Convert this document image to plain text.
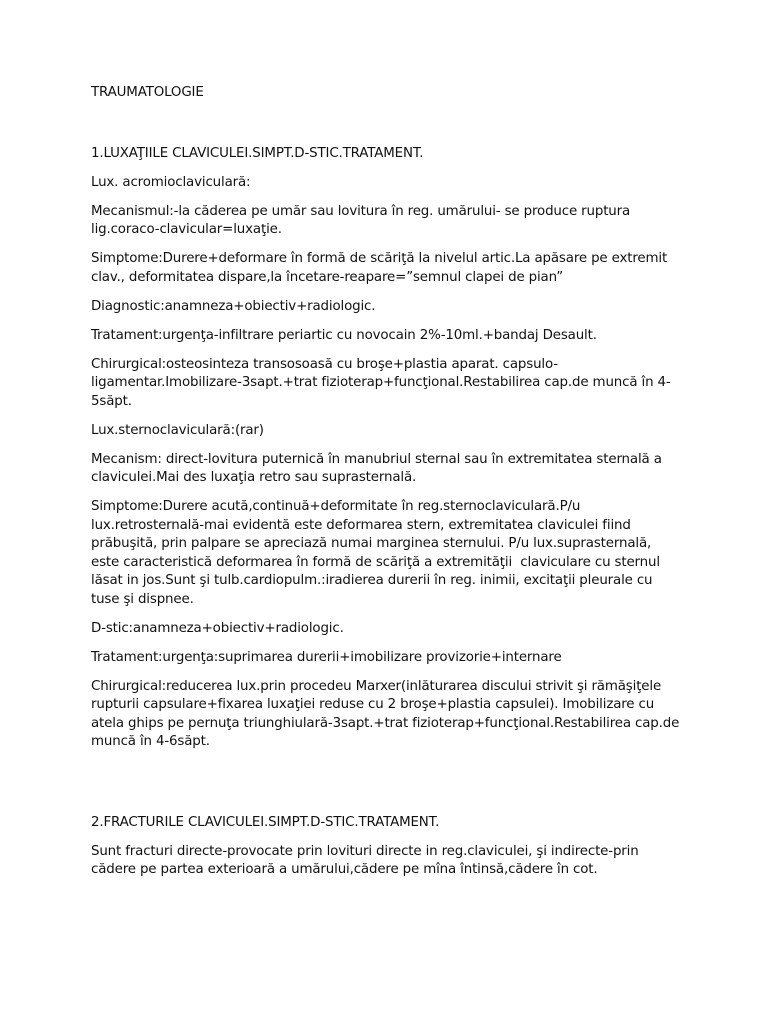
TRAUMATOLOGIE

1.LUXAŢIILE CLAVICULEI.SIMPT.D-STIC.TRATAMENT.

Lux. acromioclaviculară:

Mecanismul:-la căderea pe umăr sau lovitura în reg. umărului- se produce ruptura lig.coraco-clavicular=luxaţie.

Simptome:Durere+deformare în formă de scăriţă la nivelul artic.La apăsare pe extremit clav., deformitatea dispare,la încetare-reapare=”semnul clapei de pian”

Diagnostic:anamneza+obiectiv+radiologic.

Tratament:urgenţa-infiltrare periartic cu novocain 2%-10ml.+bandaj Desault.

Chirurgical:osteosinteza transosoasă cu broşe+plastia aparat. capsulo-ligamentar.Imobilizare-3sapt.+trat fizioterap+funcţional.Restabilirea cap.de muncă în 4-5săpt.

Lux.sternoclaviculară:(rar)

Mecanism: direct-lovitura puternică în manubriul sternal sau în extremitatea sternală a claviculei.Mai des luxaţia retro sau suprasternală.

Simptome:Durere acută,continuă+deformitate în reg.sternoclaviculară.P/u lux.retrosternală-mai evidentă este deformarea stern, extremitatea claviculei fiind prăbuşită, prin palpare se apreciază numai marginea sternului. P/u lux.suprasternală, este caracteristică deformarea în formă de scăriţă a extremităţii  claviculare cu sternul lăsat in jos.Sunt şi tulb.cardiopulm.:iradierea durerii în reg. inimii, excitaţii pleurale cu tuse şi dispnee.

D-stic:anamneza+obiectiv+radiologic.

Tratament:urgenţa:suprimarea durerii+imobilizare provizorie+internare

Chirurgical:reducerea lux.prin procedeu Marxer(inlăturarea discului strivit şi rămăşiţele rupturii capsulare+fixarea luxaţiei reduse cu 2 broşe+plastia capsulei). Imobilizare cu atela ghips pe pernuţa triunghiulară-3sapt.+trat fizioterap+funcţional.Restabilirea cap.de muncă în 4-6săpt.

2.FRACTURILE CLAVICULEI.SIMPT.D-STIC.TRATAMENT.

Sunt fracturi directe-provocate prin lovituri directe in reg.claviculei, şi indirecte-prin cădere pe partea exterioară a umărului,cădere pe mîna întinsă,cădere în cot.
